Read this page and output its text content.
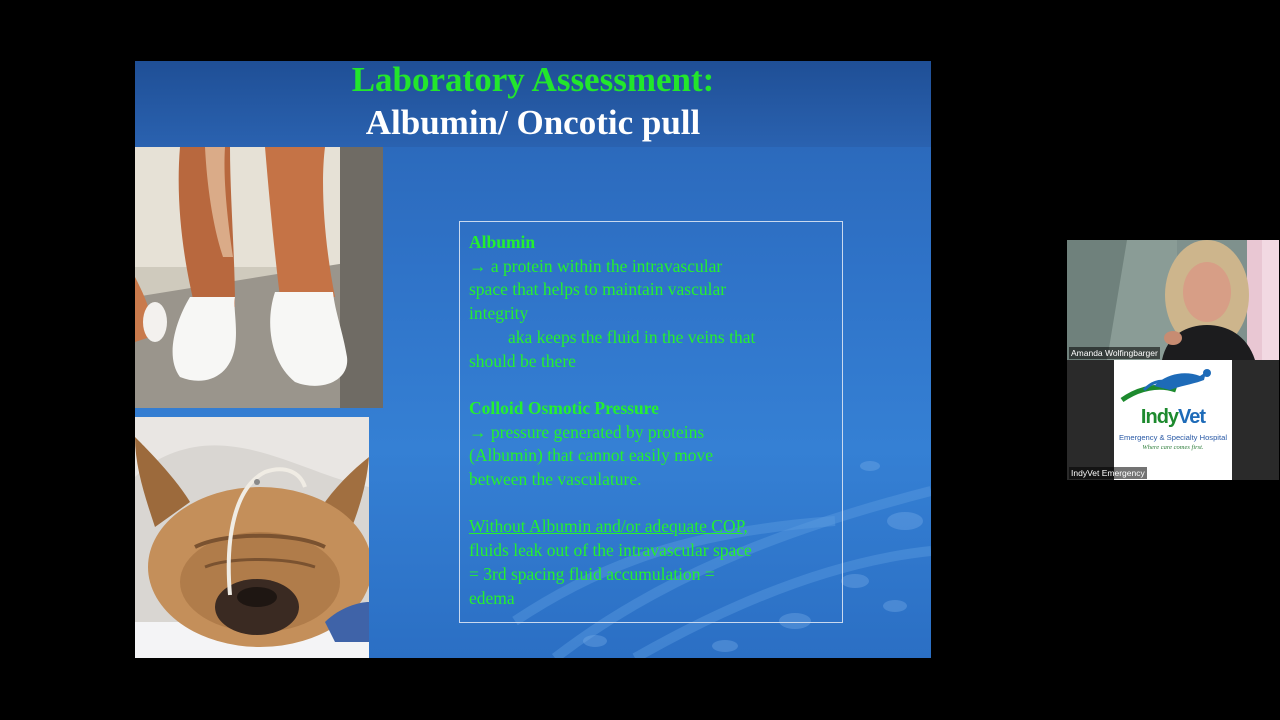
Laboratory Assessment:
Albumin/ Oncotic pull

Albumin

→ a protein within the intravascular

space that helps to maintain vascular

integrity

aka keeps the fluid in the veins that

should be there

Colloid Osmotic Pressure

→ pressure generated by proteins

(Albumin) that cannot easily move

between the vasculature.

Without Albumin and/or adequate COP,

fluids leak out of the intravascular space

= 3rd spacing fluid accumulation =

edema

Amanda Wolfingbarger
IndyVet
Emergency & Specialty Hospital
Where care comes first.
IndyVet Emergency
